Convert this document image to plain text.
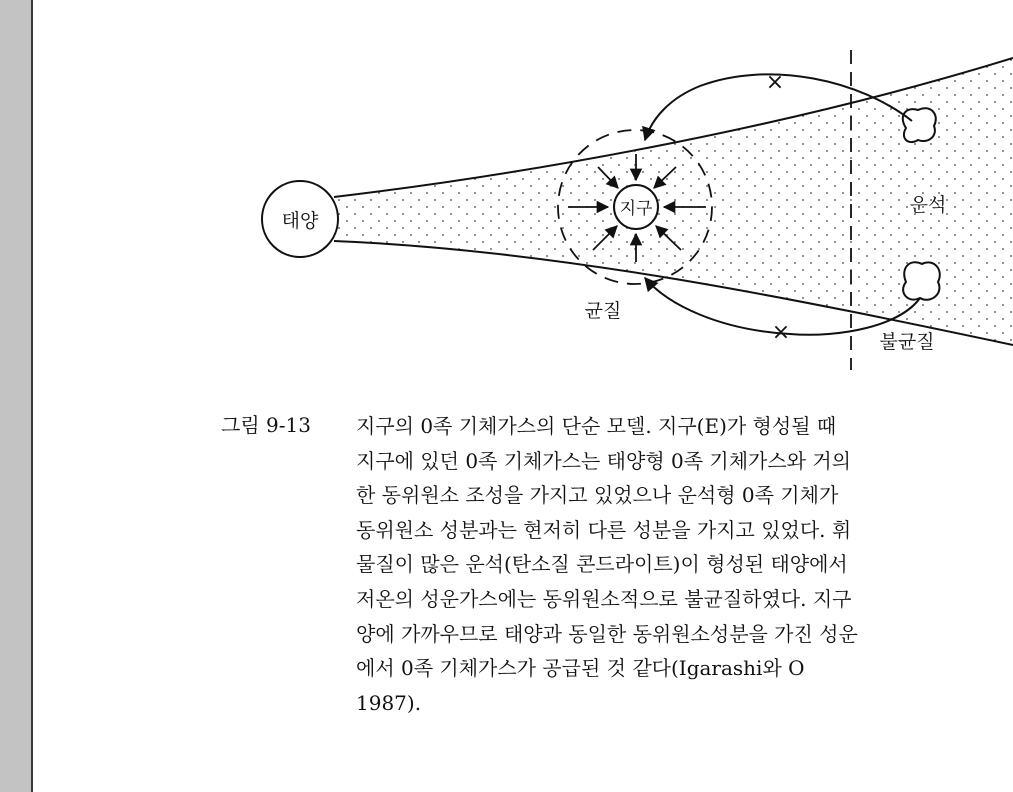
태양
지구
×
×
운석
균질
불균질
그림 9-13 지구의 0족 기체가스의 단순 모델. 지구(E)가 형성될 때
지구에 있던 0족 기체가스는 태양형 0족 기체가스와 거의
한 동위원소 조성을 가지고 있었으나 운석형 0족 기체가
동위원소 성분과는 현저히 다른 성분을 가지고 있었다. 휘
물질이 많은 운석(탄소질 콘드라이트)이 형성된 태양에서
저온의 성운가스에는 동위원소적으로 불균질하였다. 지구
양에 가까우므로 태양과 동일한 동위원소성분을 가진 성운
에서 0족 기체가스가 공급된 것 같다(Igarashi와 O
1987).
